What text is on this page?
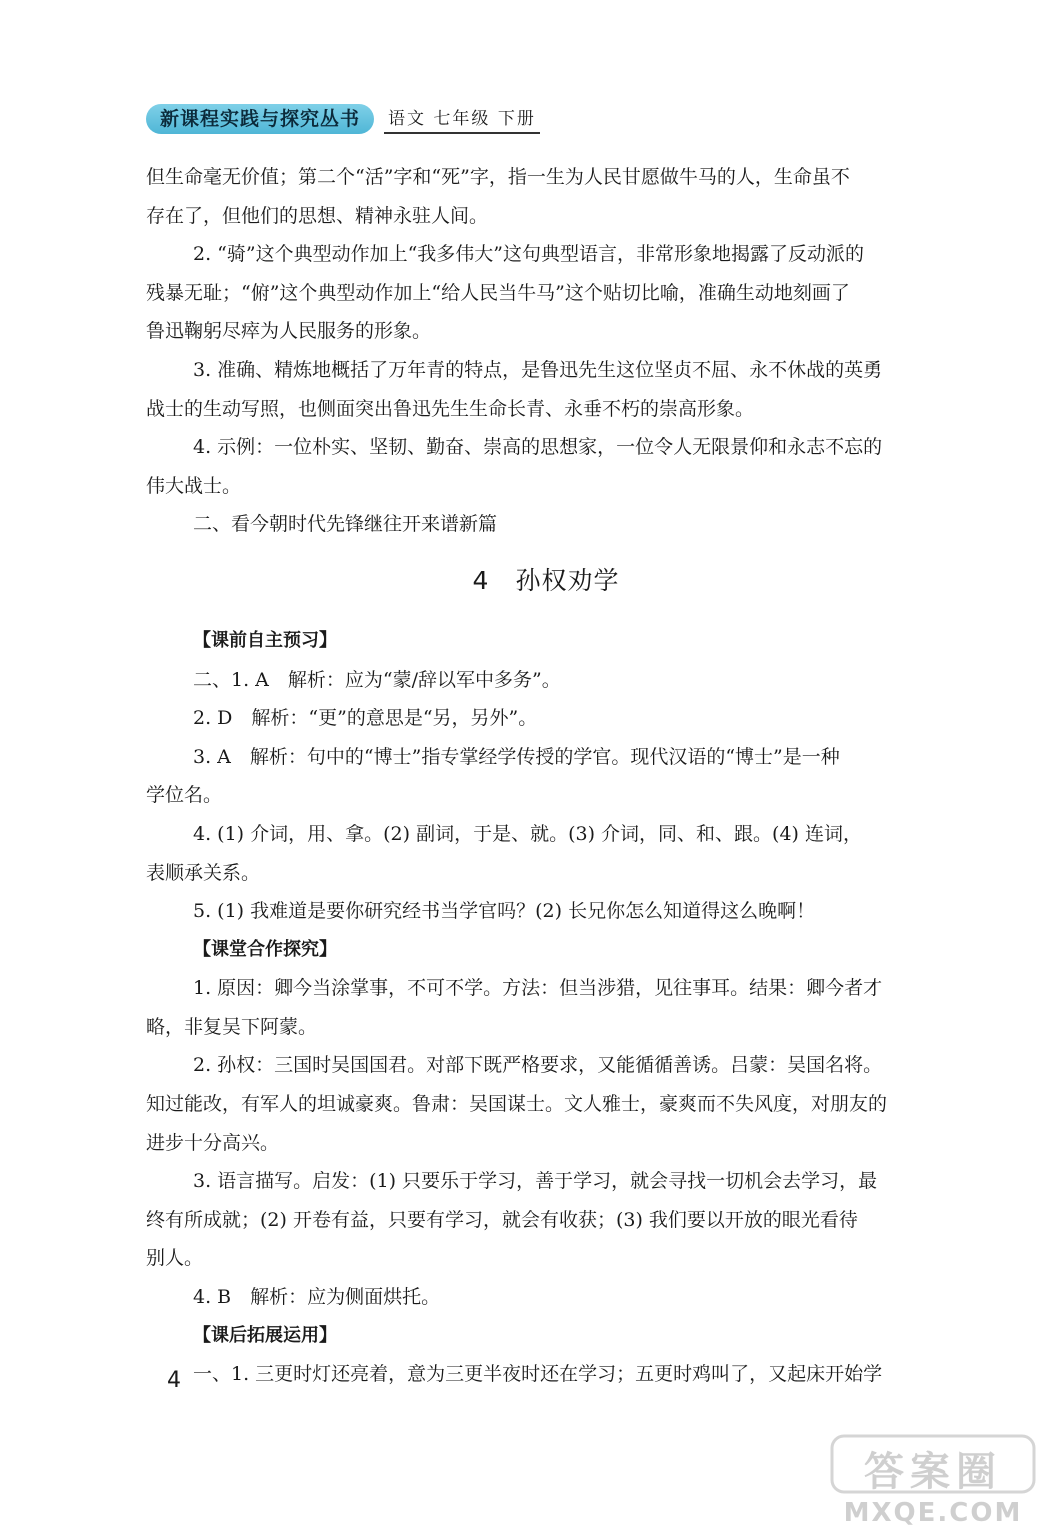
新课程实践与探究丛书	语文 七年级 下册
但生命毫无价值；第二个“活”字和“死”字，指一生为人民甘愿做牛马的人，生命虽不
存在了，但他们的思想、精神永驻人间。
2. “骑”这个典型动作加上“我多伟大”这句典型语言，非常形象地揭露了反动派的
残暴无耻；“俯”这个典型动作加上“给人民当牛马”这个贴切比喻，准确生动地刻画了
鲁迅鞠躬尽瘁为人民服务的形象。
3. 准确、精炼地概括了万年青的特点，是鲁迅先生这位坚贞不屈、永不休战的英勇
战士的生动写照，也侧面突出鲁迅先生生命长青、永垂不朽的崇高形象。
4. 示例：一位朴实、坚韧、勤奋、崇高的思想家，一位令人无限景仰和永志不忘的
伟大战士。
二、看今朝时代先锋继往开来谱新篇
4　孙权劝学
【课前自主预习】
二、1. A　解析：应为“蒙/辞以军中多务”。
2. D　解析：“更”的意思是“另，另外”。
3. A　解析：句中的“博士”指专掌经学传授的学官。现代汉语的“博士”是一种
学位名。
4. (1) 介词，用、拿。(2) 副词，于是、就。(3) 介词，同、和、跟。(4) 连词，
表顺承关系。
5. (1) 我难道是要你研究经书当学官吗？(2) 长兄你怎么知道得这么晚啊！
【课堂合作探究】
1. 原因：卿今当涂掌事，不可不学。方法：但当涉猎，见往事耳。结果：卿今者才
略，非复吴下阿蒙。
2. 孙权：三国时吴国国君。对部下既严格要求，又能循循善诱。吕蒙：吴国名将。
知过能改，有军人的坦诚豪爽。鲁肃：吴国谋士。文人雅士，豪爽而不失风度，对朋友的
进步十分高兴。
3. 语言描写。启发：(1) 只要乐于学习，善于学习，就会寻找一切机会去学习，最
终有所成就；(2) 开卷有益，只要有学习，就会有收获；(3) 我们要以开放的眼光看待
别人。
4. B　解析：应为侧面烘托。
【课后拓展运用】
一、1. 三更时灯还亮着，意为三更半夜时还在学习；五更时鸡叫了，又起床开始学
4
答案圈
MXQE.COM
